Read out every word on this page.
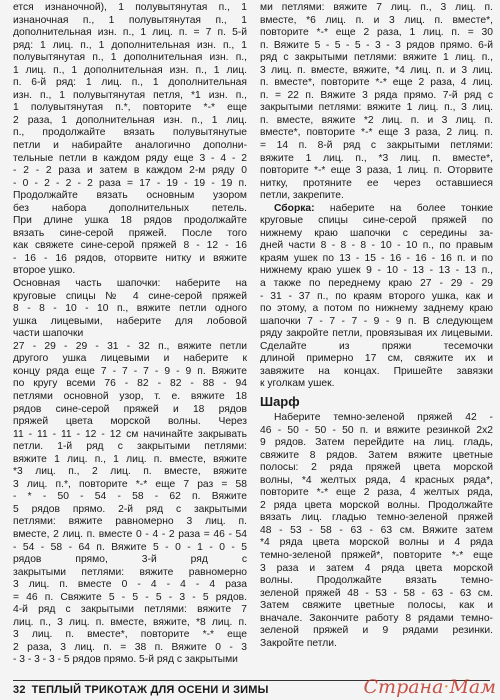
ется изнаночной), 1 полувытянутая п., 1
изнаночная п., 1 полувытянутая п., 1
дополнительная изн. п., 1 лиц. п. = 7 п. 5-й
ряд: 1 лиц. п., 1 дополнительная изн. п., 1
полувытянутая п., 1 дополнительная изн. п.,
1 лиц. п., 1 дополнительная изн. п., 1 лиц.
п. 6-й ряд: 1 лиц. п., 1 дополнительная
изн. п., 1 полувытянутая петля, *1 изн. п.,
1 полувытянутая п.*, повторите *-* еще
2 раза, 1 дополнительная изн. п., 1 лиц.
п., продолжайте вязать полувытянутые
петли и набирайте аналогично дополни-
тельные петли в каждом ряду еще 3 - 4 - 2
- 2 - 2 раза и затем в каждом 2-м ряду 0
- 0 - 2 - 2 - 2 раза = 17 - 19 - 19 - 19 п.
Продолжайте вязать основным узором
без набора дополнительных петель.
При длине ушка 18 рядов продолжайте
вязать сине-серой пряжей. После того
как свяжете сине-серой пряжей 8 - 12 - 16
- 16 - 16 рядов, оторвите нитку и вяжите
второе ушко.
Основная часть шапочки: наберите на
круговые спицы № 4 сине-серой пряжей
8 - 8 - 10 - 10 п., вяжите петли одного
ушка лицевыми, наберите для лобовой
части шапочки
27 - 29 - 29 - 31 - 32 п., вяжите петли
другого ушка лицевыми и наберите к
концу ряда еще 7 - 7 - 7 - 9 - 9 п. Вяжите
по кругу всеми 76 - 82 - 82 - 88 - 94
петлями основной узор, т. е. вяжите 18
рядов сине-серой пряжей и 18 рядов
пряжей цвета морской волны. Через
11 - 11 - 11 - 12 - 12 см начинайте закрывать
петли. 1-й ряд с закрытыми петлями:
вяжите 1 лиц. п., 1 лиц. п. вместе, вяжите
*3 лиц. п., 2 лиц. п. вместе, вяжите
3 лиц. п.*, повторите *-* еще 7 раз = 58
- * - 50 - 54 - 58 - 62 п. Вяжите
5 рядов прямо. 2-й ряд с закрытыми
петлями: вяжите равномерно 3 лиц. п.
вместе, 2 лиц. п. вместе 0 - 4 - 2 раза = 46 - 54
- 54 - 58 - 64 п. Вяжите 5 - 0 - 1 - 0 - 5
рядов прямо, 3-й ряд с
закрытыми петлями: вяжите равномерно
3 лиц. п. вместе 0 - 4 - 4 - 4 раза
= 46 п. Свяжите 5 - 5 - 5 - 3 - 5 рядов.
4-й ряд с закрытыми петлями: вяжите 7
лиц. п., 3 лиц. п. вместе, вяжите, *8 лиц. п.
3 лиц. п. вместе*, повторите *-* еще
2 раза, 3 лиц. п. = 38 п. Вяжите 0 - 3
- 3 - 3 - 3 - 5 рядов прямо. 5-й ряд с закрытыми
ми петлями: вяжите 7 лиц. п., 3 лиц. п.
вместе, *6 лиц. п. и 3 лиц. п. вместе*,
повторите *-* еще 2 раза, 1 лиц. п. = 30
п. Вяжите 5 - 5 - 5 - 3 - 3 рядов прямо. 6-й
ряд с закрытыми петлями: вяжите 1 лиц. п.,
3 лиц. п. вместе, вяжите, *4 лиц. п. и 3 лиц.
п. вместе*, повторите *-* еще 2 раза, 4 лиц.
п. = 22 п. Вяжите 3 ряда прямо. 7-й ряд с
закрытыми петлями: вяжите 1 лиц. п., 3 лиц.
п. вместе, вяжите *2 лиц. п. и 3 лиц. п.
вместе*, повторите *-* еще 3 раза, 2 лиц. п.
= 14 п. 8-й ряд с закрытыми петлями:
вяжите 1 лиц. п., *3 лиц. п. вместе*,
повторите *-* еще 3 раза, 1 лиц. п. Оторвите
нитку, протяните ее через оставшиеся
петли, закрепите.
Сборка: наберите на более тонкие
круговые спицы сине-серой пряжей по
нижнему краю шапочки с середины за-
дней части 8 - 8 - 8 - 10 - 10 п., по правым
краям ушек по 13 - 15 - 16 - 16 - 16 п. и по
нижнему краю ушек 9 - 10 - 13 - 13 - 13 п.,
а также по переднему краю 27 - 29 - 29
- 31 - 37 п., по краям второго ушка, как и
по этому, а потом по нижнему заднему краю
шапочки 7 - 7 - 7 - 9 - 9 п. В следующем
ряду закройте петли, провязывая их лицевыми.
Сделайте из пряжи тесемочки
длиной примерно 17 см, свяжите их и
завяжите на концах. Пришейте завязки
к уголкам ушек.
Шарф
Наберите темно-зеленой пряжей 42 -
46 - 50 - 50 - 50 п. и вяжите резинкой 2х2
9 рядов. Затем перейдите на лиц. гладь,
свяжите 8 рядов. Затем вяжите цветные
полосы: 2 ряда пряжей цвета морской
волны, *4 желтых ряда, 4 красных ряда*,
повторите *-* еще 2 раза, 4 желтых ряда,
2 ряда цвета морской волны. Продолжайте
вязать лиц. гладью темно-зеленой пряжей
48 - 53 - 58 - 63 - 63 см. Вяжите затем
*4 ряда цвета морской волны и 4 ряда
темно-зеленой пряжей*, повторите *-* еще
3 раза и затем 4 ряда цвета морской
волны. Продолжайте вязать темно-
зеленой пряжей 48 - 53 - 58 - 63 - 63 см.
Затем свяжите цветные полосы, как и
вначале. Закончите работу 8 рядами темно-
зеленой пряжей и 9 рядами резинки.
Закройте петли.
32 ТЕПЛЫЙ ТРИКОТАЖ ДЛЯ ОСЕНИ И ЗИМЫ	Страна·Мам
